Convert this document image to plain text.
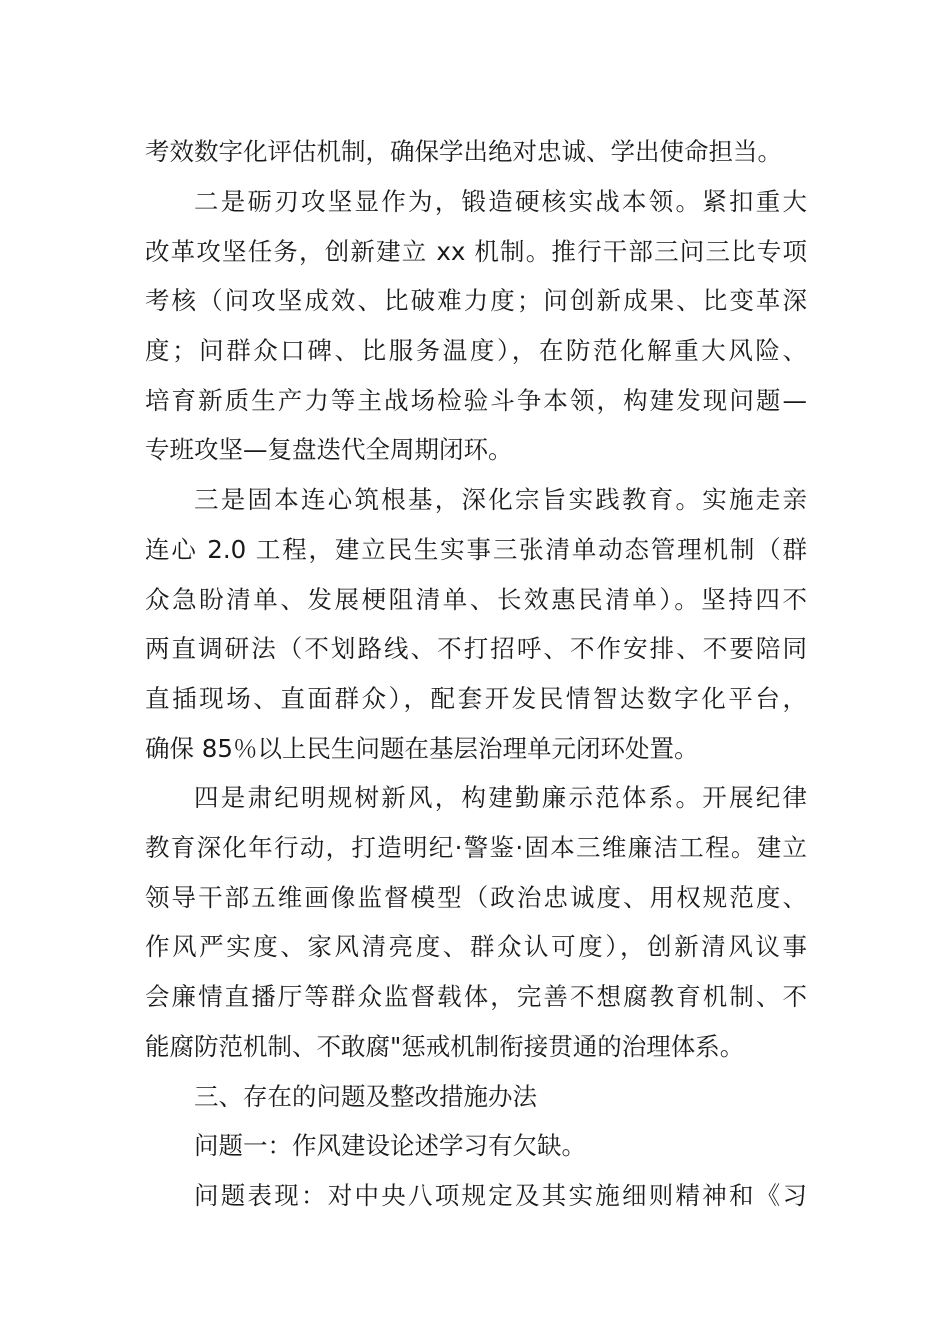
考效数字化评估机制，确保学出绝对忠诚、学出使命担当。
二是砺刃攻坚显作为，锻造硬核实战本领。紧扣重大
改革攻坚任务，创新建立 xx 机制。推行干部三问三比专项
考核（问攻坚成效、比破难力度；问创新成果、比变革深
度；问群众口碑、比服务温度），在防范化解重大风险、
培育新质生产力等主战场检验斗争本领，构建发现问题—
专班攻坚—复盘迭代全周期闭环。
三是固本连心筑根基，深化宗旨实践教育。实施走亲
连心 2.0 工程，建立民生实事三张清单动态管理机制（群
众急盼清单、发展梗阻清单、长效惠民清单）。坚持四不
两直调研法（不划路线、不打招呼、不作安排、不要陪同
直插现场、直面群众），配套开发民情智达数字化平台，
确保 85％以上民生问题在基层治理单元闭环处置。
四是肃纪明规树新风，构建勤廉示范体系。开展纪律
教育深化年行动，打造明纪·警鉴·固本三维廉洁工程。建立
领导干部五维画像监督模型（政治忠诚度、用权规范度、
作风严实度、家风清亮度、群众认可度），创新清风议事
会廉情直播厅等群众监督载体，完善不想腐教育机制、不
能腐防范机制、不敢腐"惩戒机制衔接贯通的治理体系。
三、存在的问题及整改措施办法
问题一：作风建设论述学习有欠缺。
问题表现：对中央八项规定及其实施细则精神和《习
